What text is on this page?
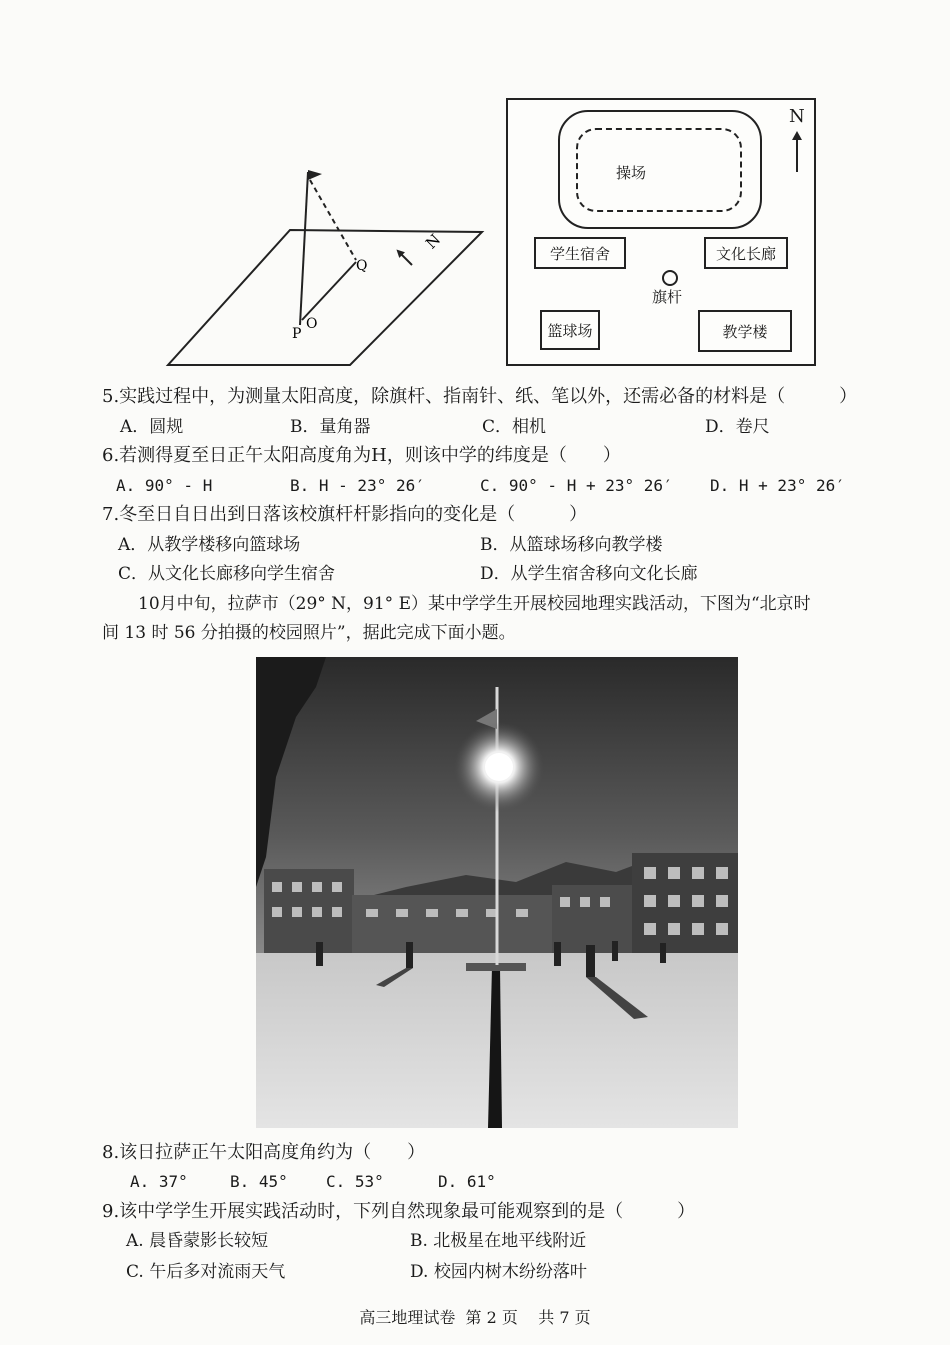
Q
P
O
N
操场
N
学生宿舍	文化长廊
旗杆
篮球场	教学楼
5.实践过程中，为测量太阳高度，除旗杆、指南针、纸、笔以外，还需必备的材料是（　　　）
A．圆规	B．量角器	C．相机	D．卷尺
6.若测得夏至日正午太阳高度角为H，则该中学的纬度是（　　）
A. 90° - H	B. H - 23° 26′	C. 90° - H + 23° 26′ D. H + 23° 26′
7.冬至日自日出到日落该校旗杆杆影指向的变化是（　　　）
A．从教学楼移向篮球场	B．从篮球场移向教学楼
C．从文化长廊移向学生宿舍	D．从学生宿舍移向文化长廊
10月中旬，拉萨市（29° N，91° E）某中学学生开展校园地理实践活动，下图为“北京时
间 13 时 56 分拍摄的校园照片”，据此完成下面小题。
8.该日拉萨正午太阳高度角约为（　　）
A. 37°	B. 45° C. 53°	D. 61°
9.该中学学生开展实践活动时，下列自然现象最可能观察到的是（　　　）
A. 晨昏蒙影长较短	B. 北极星在地平线附近
C. 午后多对流雨天气	D. 校园内树木纷纷落叶
高三地理试卷  第 2 页    共 7 页
